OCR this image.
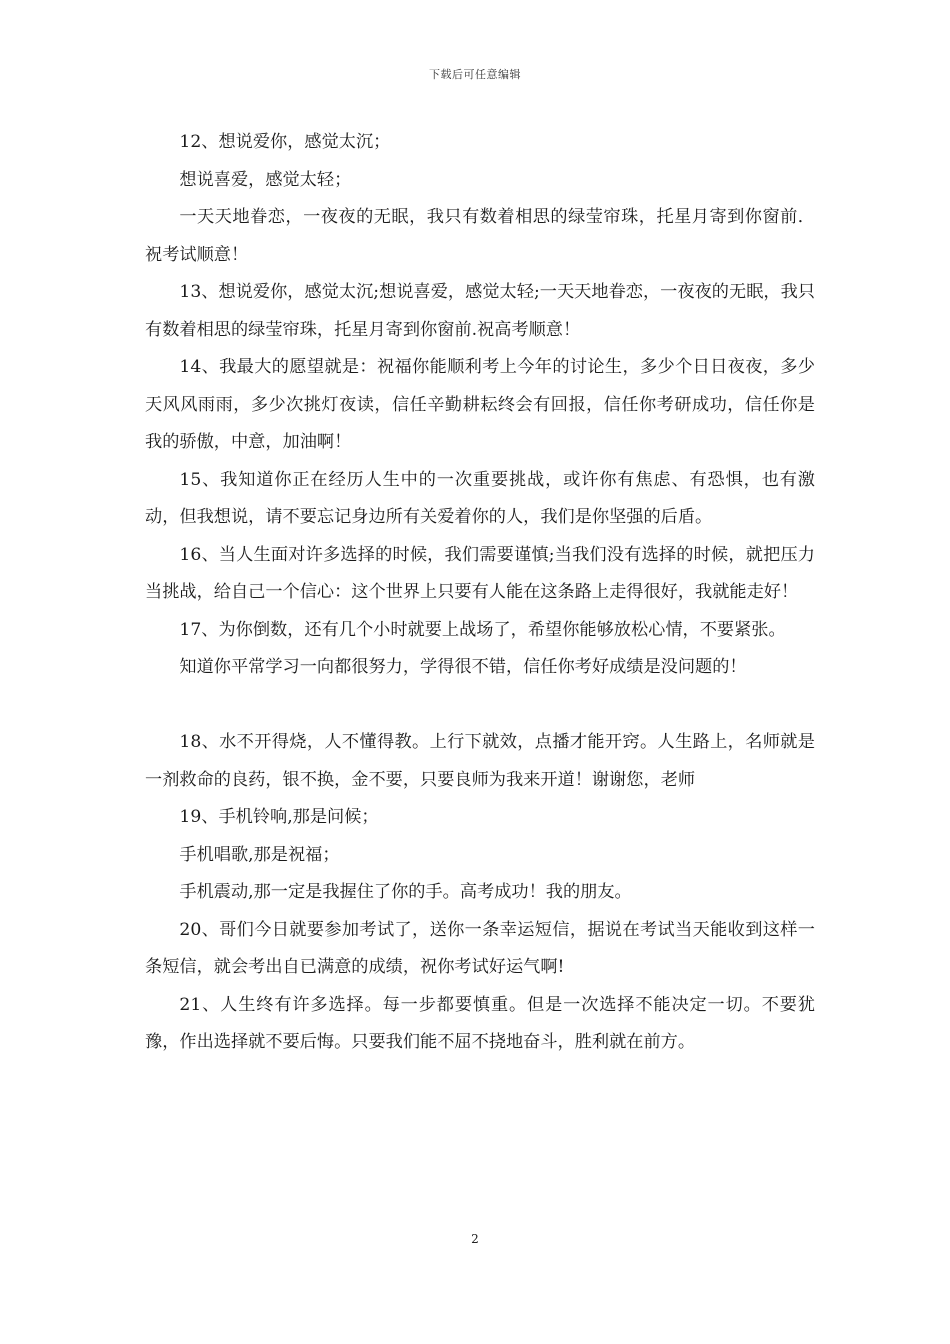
下载后可任意编辑

12、想说爱你，感觉太沉；

想说喜爱，感觉太轻；

一天天地眷恋，一夜夜的无眠，我只有数着相思的绿莹帘珠，托星月寄到你窗前．祝考试顺意！

13、想说爱你，感觉太沉;想说喜爱，感觉太轻;一天天地眷恋，一夜夜的无眠，我只有数着相思的绿莹帘珠，托星月寄到你窗前.祝高考顺意！

14、我最大的愿望就是：祝福你能顺利考上今年的讨论生，多少个日日夜夜，多少天风风雨雨，多少次挑灯夜读，信任辛勤耕耘终会有回报，信任你考研成功，信任你是我的骄傲，中意，加油啊！

15、我知道你正在经历人生中的一次重要挑战，或许你有焦虑、有恐惧，也有激动，但我想说，请不要忘记身边所有关爱着你的人，我们是你坚强的后盾。

16、当人生面对许多选择的时候，我们需要谨慎;当我们没有选择的时候，就把压力当挑战，给自己一个信心：这个世界上只要有人能在这条路上走得很好，我就能走好！

17、为你倒数，还有几个小时就要上战场了，希望你能够放松心情，不要紧张。

知道你平常学习一向都很努力，学得很不错，信任你考好成绩是没问题的！

18、水不开得烧，人不懂得教。上行下就效，点播才能开窍。人生路上，名师就是一剂救命的良药，银不换，金不要，只要良师为我来开道！谢谢您，老师

19、手机铃响,那是问候；

手机唱歌,那是祝福；

手机震动,那一定是我握住了你的手。高考成功！我的朋友。

20、哥们今日就要参加考试了，送你一条幸运短信，据说在考试当天能收到这样一条短信，就会考出自已满意的成绩，祝你考试好运气啊!

21、人生终有许多选择。每一步都要慎重。但是一次选择不能决定一切。不要犹豫，作出选择就不要后悔。只要我们能不屈不挠地奋斗，胜利就在前方。

2
